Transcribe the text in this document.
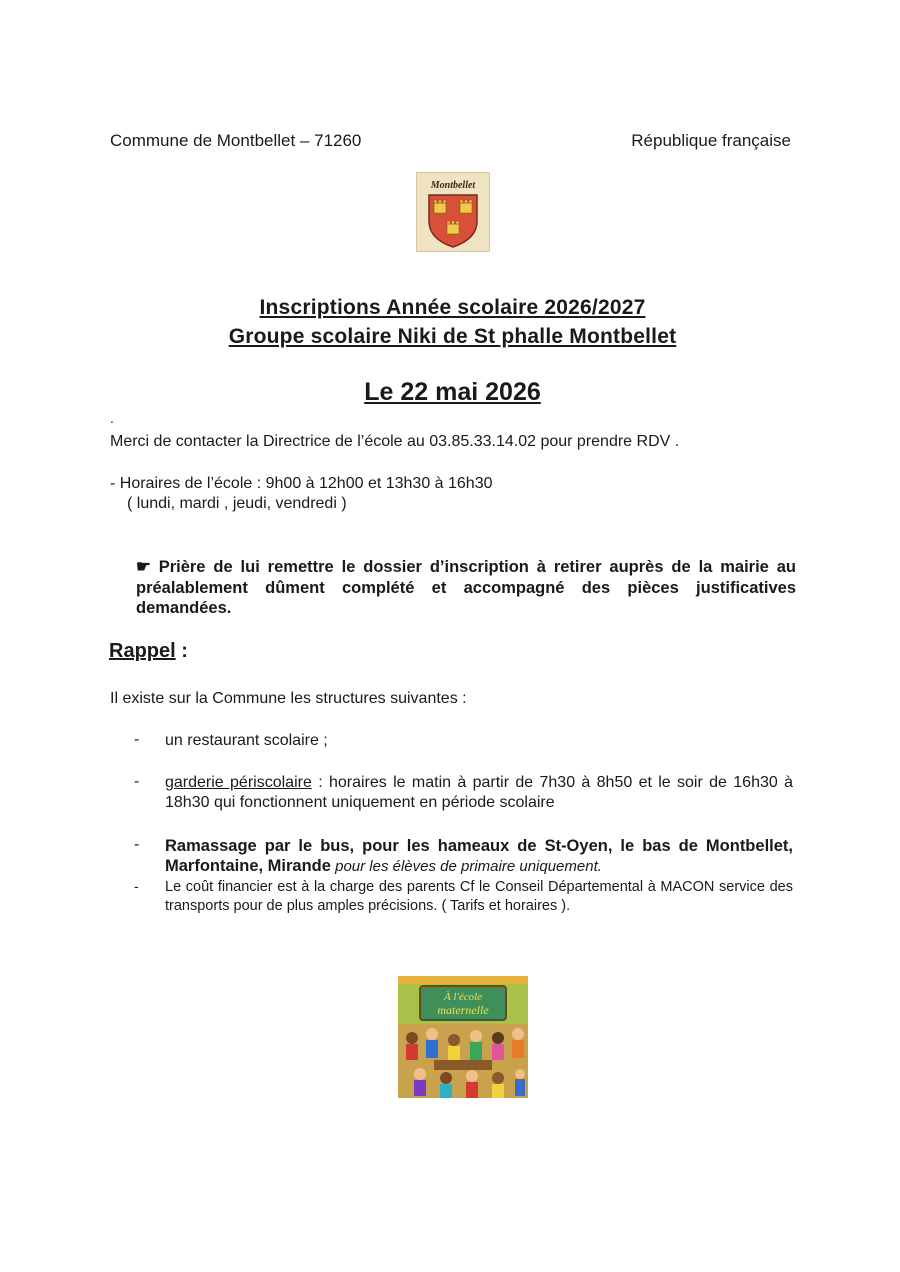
Commune de Montbellet – 71260	République française
Montbellet
Inscriptions Année scolaire 2026/2027
Groupe scolaire Niki de St phalle Montbellet
Le 22 mai 2026
.
Merci de contacter la Directrice de l’école au 03.85.33.14.02 pour prendre RDV .
- Horaires de l’école : 9h00 à 12h00 et 13h30 à 16h30
( lundi, mardi , jeudi, vendredi )
☛ Prière de lui remettre le dossier d’inscription à retirer auprès de la mairie au préalablement dûment complété et accompagné des pièces justificatives demandées.
Rappel :
Il existe sur la Commune les structures suivantes :
- un restaurant scolaire ;
- garderie périscolaire : horaires le matin à partir de 7h30 à 8h50 et le soir de 16h30 à 18h30 qui fonctionnent uniquement en période scolaire
- Ramassage par le bus, pour les hameaux de St-Oyen, le bas de Montbellet, Marfontaine, Mirande pour les élèves de primaire uniquement.
- Le coût financier est à la charge des parents Cf le Conseil Départemental à MACON service des transports pour de plus amples précisions. ( Tarifs et horaires ).
À l'école
maternelle
